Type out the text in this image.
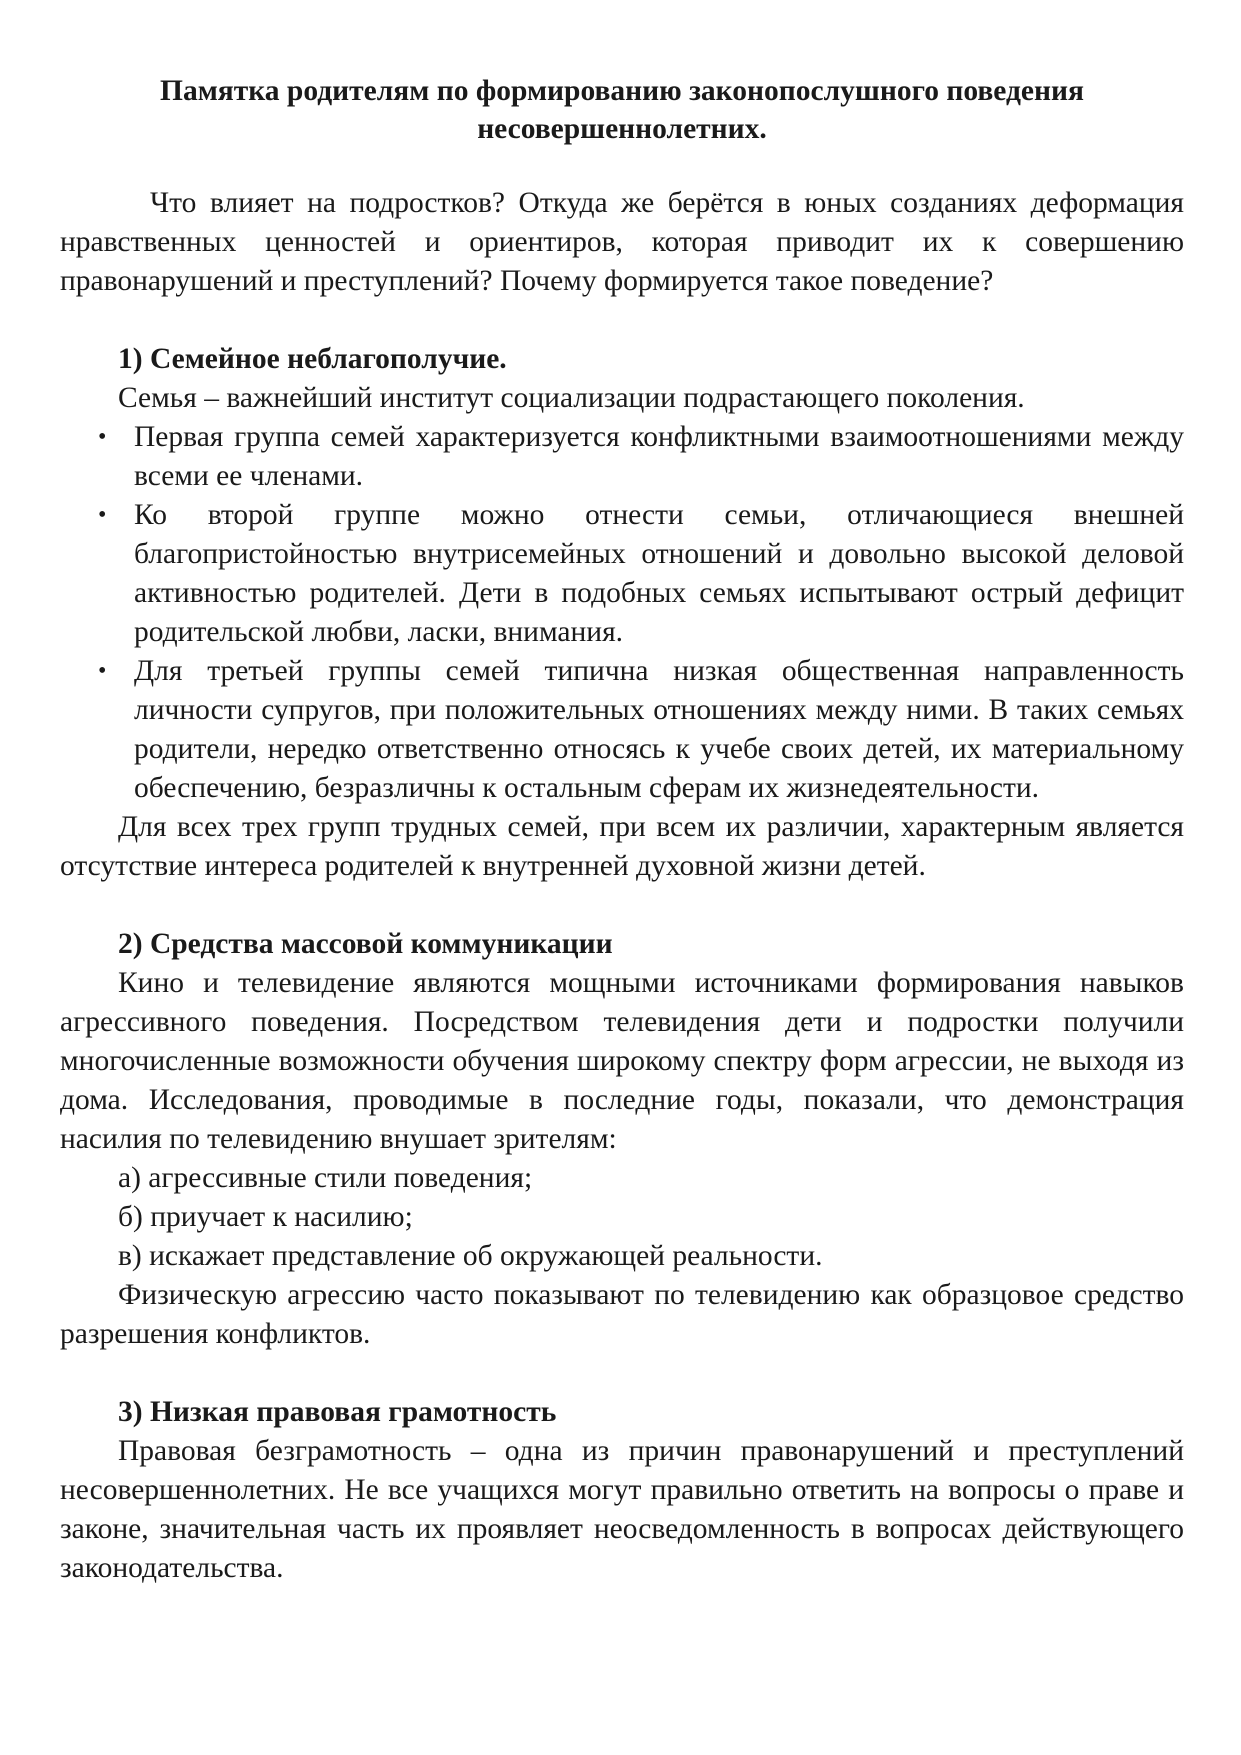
Памятка родителям по формированию законопослушного поведения
несовершеннолетних.

Что влияет на подростков? Откуда же берётся в юных созданиях деформация нравственных ценностей и ориентиров, которая приводит их к совершению правонарушений и преступлений? Почему формируется такое поведение?

1) Семейное неблагополучие.

Семья – важнейший институт социализации подрастающего поколения.

• Первая группа семей характеризуется конфликтными взаимоотношениями между всеми ее членами.
• Ко второй группе можно отнести семьи, отличающиеся внешней благопристойностью внутрисемейных отношений и довольно высокой деловой активностью родителей. Дети в подобных семьях испытывают острый дефицит родительской любви, ласки, внимания.
• Для третьей группы семей типична низкая общественная направленность личности супругов, при положительных отношениях между ними. В таких семьях родители, нередко ответственно относясь к учебе своих детей, их материальному обеспечению, безразличны к остальным сферам их жизнедеятельности.

Для всех трех групп трудных семей, при всем их различии, характерным является отсутствие интереса родителей к внутренней духовной жизни детей.

2) Средства массовой коммуникации

Кино и телевидение являются мощными источниками формирования навыков агрессивного поведения. Посредством телевидения дети и подростки получили многочисленные возможности обучения широкому спектру форм агрессии, не выходя из дома. Исследования, проводимые в последние годы, показали, что демонстрация насилия по телевидению внушает зрителям:

а) агрессивные стили поведения;

б) приучает к насилию;

в) искажает представление об окружающей реальности.

Физическую агрессию часто показывают по телевидению как образцовое средство разрешения конфликтов.

3) Низкая правовая грамотность

Правовая безграмотность – одна из причин правонарушений и преступлений несовершеннолетних. Не все учащихся могут правильно ответить на вопросы о праве и законе, значительная часть их проявляет неосведомленность в вопросах действующего законодательства.
